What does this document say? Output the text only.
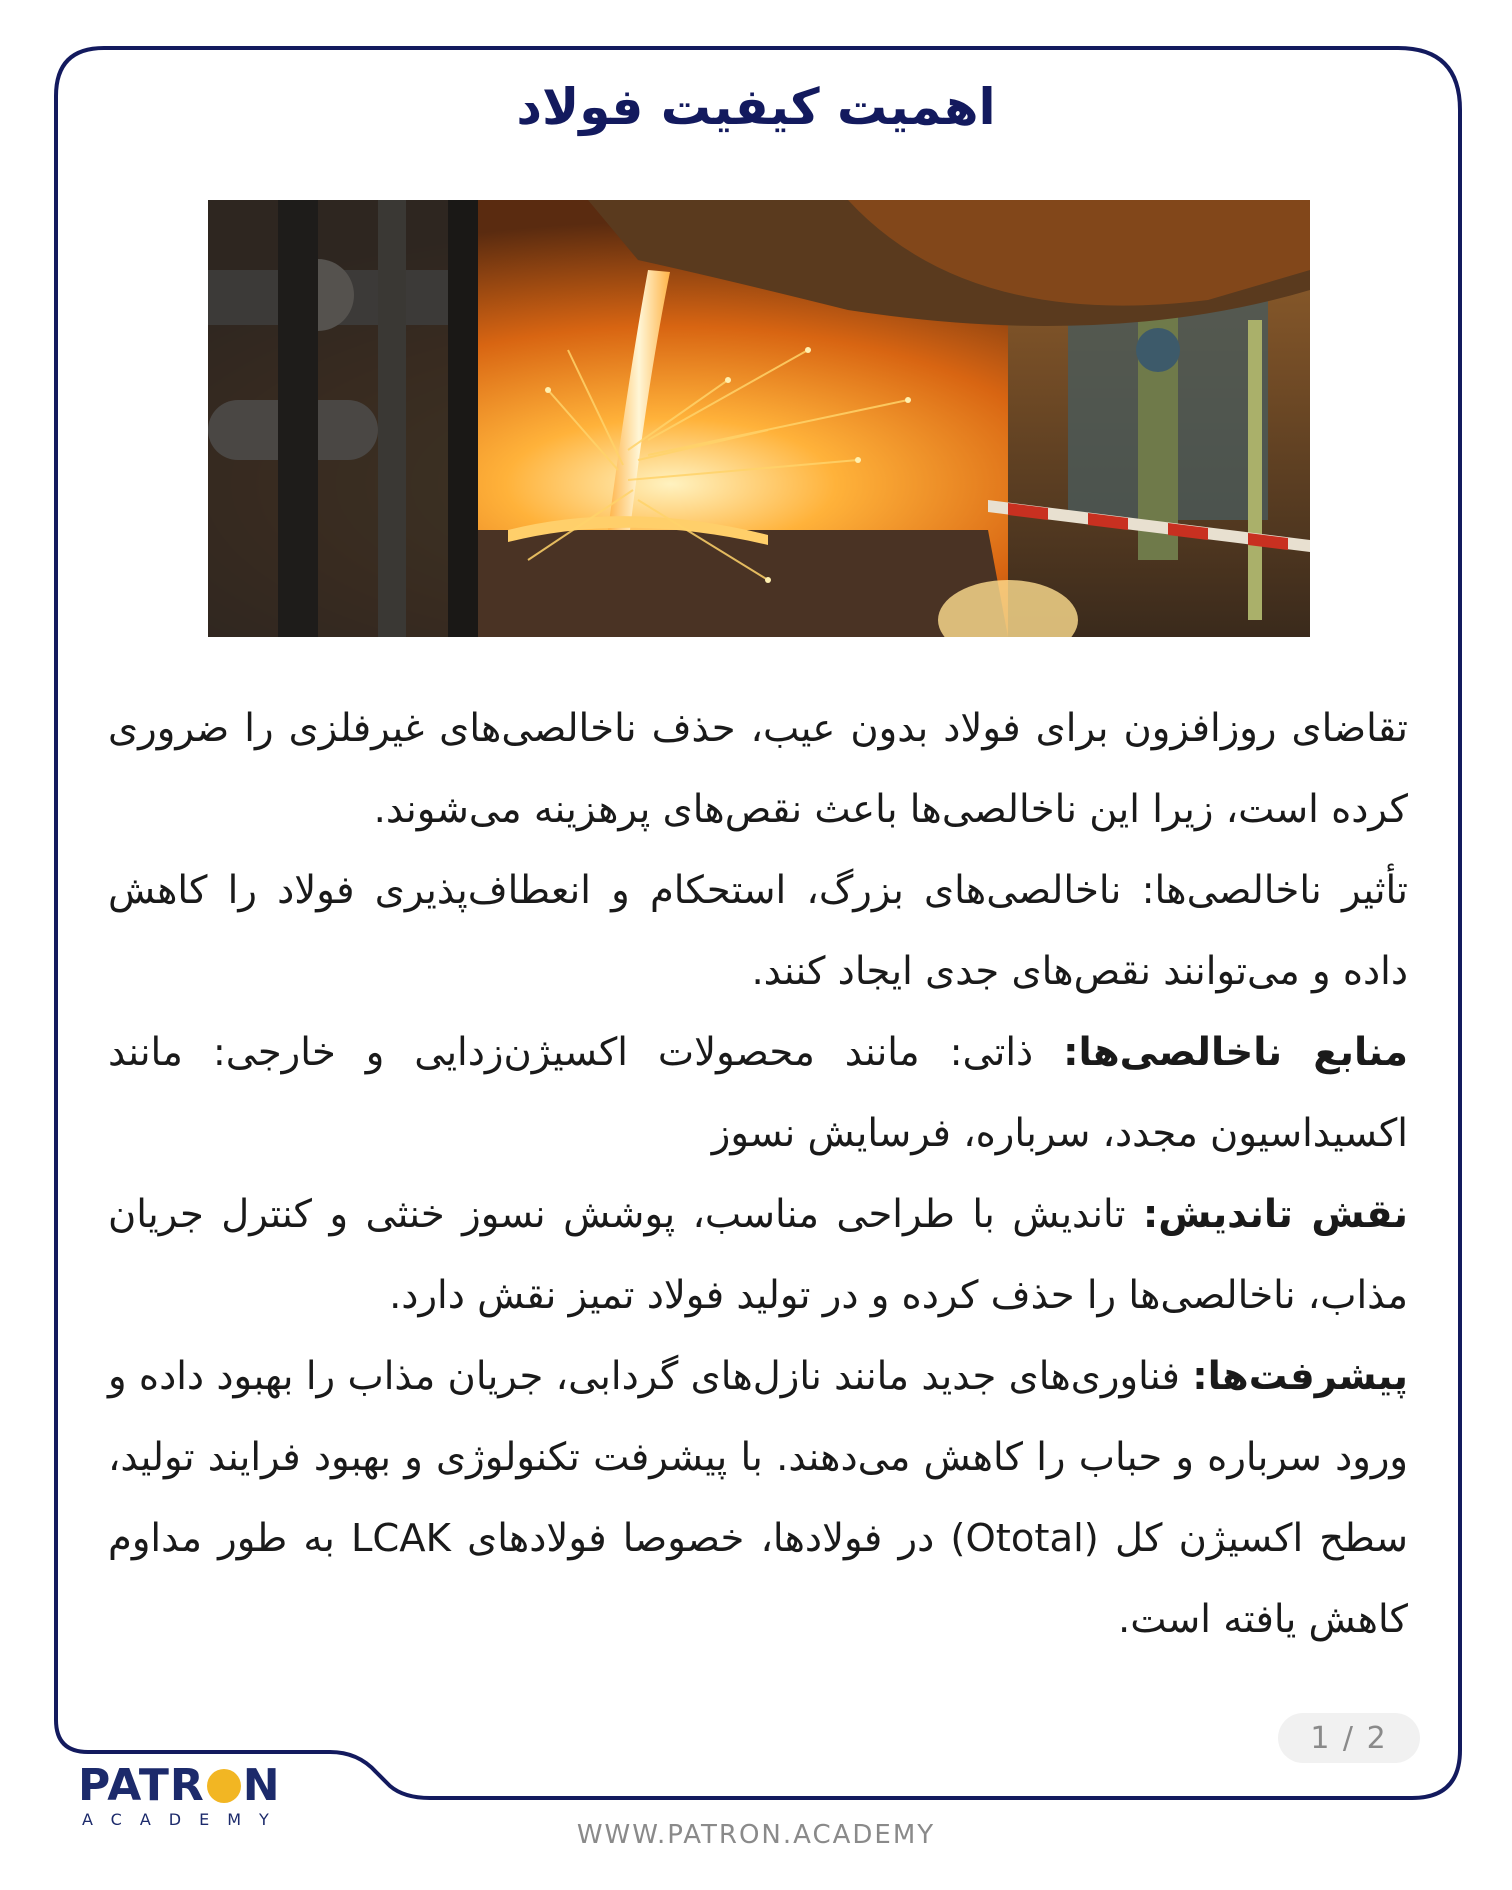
اهمیت کیفیت فولاد

تقاضای روزافزون برای فولاد بدون عیب، حذف ناخالصی‌های غیرفلزی را ضروری کرده است، زیرا این ناخالصی‌ها باعث نقص‌های پرهزینه می‌شوند.

تأثیر ناخالصی‌ها: ناخالصی‌های بزرگ، استحکام و انعطاف‌پذیری فولاد را کاهش داده و می‌توانند نقص‌های جدی ایجاد کنند.

منابع ناخالصی‌ها: ذاتی: مانند محصولات اکسیژن‌زدایی و خارجی: مانند اکسیداسیون مجدد، سرباره، فرسایش نسوز

نقش تاندیش: تاندیش با طراحی مناسب، پوشش نسوز خنثی و کنترل جریان مذاب، ناخالصی‌ها را حذف کرده و در تولید فولاد تمیز نقش دارد.

پیشرفت‌ها: فناوری‌های جدید مانند نازل‌های گردابی، جریان مذاب را بهبود داده و ورود سرباره و حباب را کاهش می‌دهند. با پیشرفت تکنولوژی و بهبود فرایند تولید، سطح اکسیژن کل (Ototal) در فولادها، خصوصا فولادهای LCAK به طور مداوم کاهش یافته است.

1 / 2
PATR N
ACADEMY
WWW.PATRON.ACADEMY
